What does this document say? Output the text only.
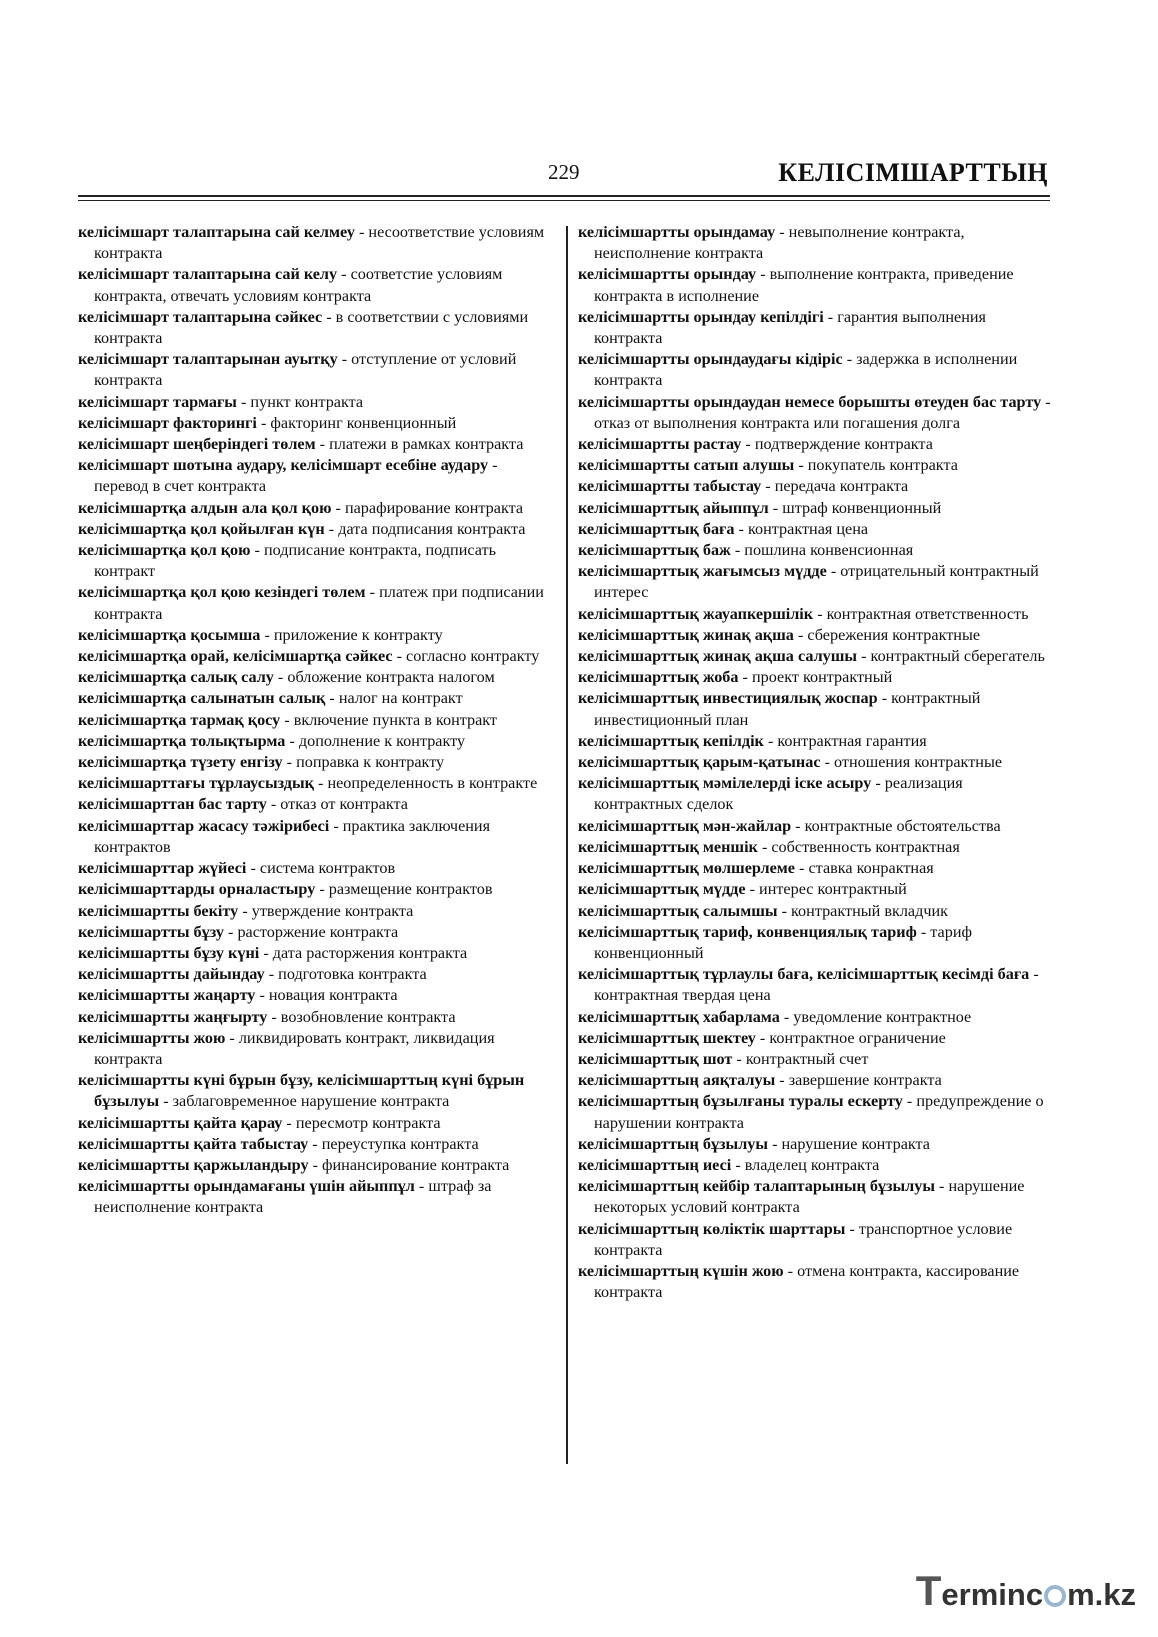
229	КЕЛІСІМШАРТТЫҢ

келісімшарт талаптарына сай келмеу - несоответствие условиям контракта

келісімшарт талаптарына сай келу - соответстие условиям контракта, отвечать условиям контракта

келісімшарт талаптарына сәйкес - в соответствии с условиями контракта

келісімшарт талаптарынан ауытқу - отступление от условий контракта

келісімшарт тармағы - пункт контракта

келісімшарт факторингі - факторинг конвенционный

келісімшарт шеңберіндегі төлем - платежи в рамках контракта

келісімшарт шотына аудару, келісімшарт есебіне аудару - перевод в счет контракта

келісімшартқа алдын ала қол қою - парафирование контракта

келісімшартқа қол қойылған күн - дата подписания контракта

келісімшартқа қол қою - подписание контракта, подписать контракт

келісімшартқа қол қою кезіндегі төлем - платеж при подписании контракта

келісімшартқа қосымша - приложение к контракту

келісімшартқа орай, келісімшартқа сәйкес - согласно контракту

келісімшартқа салық салу - обложение контракта налогом

келісімшартқа салынатын салық - налог на контракт

келісімшартқа тармақ қосу - включение пункта в контракт

келісімшартқа толықтырма - дополнение к контракту

келісімшартқа түзету енгізу - поправка к контракту

келісімшарттағы тұрлаусыздық - неопределенность в контракте

келісімшарттан бас тарту - отказ от контракта

келісімшарттар жасасу тәжірибесі - практика заключения контрактов

келісімшарттар жүйесі - система контрактов

келісімшарттарды орналастыру - размещение контрактов

келісімшартты бекіту - утверждение контракта

келісімшартты бұзу - расторжение контракта

келісімшартты бұзу күні - дата расторжения контракта

келісімшартты дайындау - подготовка контракта

келісімшартты жаңарту - новация контракта

келісімшартты жаңғырту - возобновление контракта

келісімшартты жою - ликвидировать контракт, ликвидация контракта

келісімшартты күні бұрын бұзу, келісімшарттың күні бұрын бұзылуы - заблаговременное нарушение контракта

келісімшартты қайта қарау - пересмотр контракта

келісімшартты қайта табыстау - переуступка контракта

келісімшартты қаржыландыру - финансирование контракта

келісімшартты орындамағаны үшін айыппұл - штраф за неисполнение контракта

келісімшартты орындамау - невыполнение контракта, неисполнение контракта

келісімшартты орындау - выполнение контракта, приведение контракта в исполнение

келісімшартты орындау кепілдігі - гарантия выполнения контракта

келісімшартты орындаудағы кідіріс - задержка в исполнении контракта

келісімшартты орындаудан немесе борышты өтеуден бас тарту - отказ от выполнения контракта или погашения долга

келісімшартты растау - подтверждение контракта

келісімшартты сатып алушы - покупатель контракта

келісімшартты табыстау - передача контракта

келісімшарттық айыппұл - штраф конвенционный

келісімшарттық баға - контрактная цена

келісімшарттық баж - пошлина конвенсионная

келісімшарттық жағымсыз мүдде - отрицательный контрактный интерес

келісімшарттық жауапкершілік - контрактная ответственность

келісімшарттық жинақ ақша - сбережения контрактные

келісімшарттық жинақ ақша салушы - контрактный сберегатель

келісімшарттық жоба - проект контрактный

келісімшарттық инвестициялық жоспар - контрактный инвестиционный план

келісімшарттық кепілдік - контрактная гарантия

келісімшарттық қарым-қатынас - отношения контрактные

келісімшарттық мәмілелерді іске асыру - реализация контрактных сделок

келісімшарттық мән-жайлар - контрактные обстоятельства

келісімшарттық меншік - собственность контрактная

келісімшарттық мөлшерлеме - ставка конрактная

келісімшарттық мүдде - интерес контрактный

келісімшарттық салымшы - контрактный вкладчик

келісімшарттық тариф, конвенциялық тариф - тариф конвенционный

келісімшарттық тұрлаулы баға, келісімшарттық кесімді баға - контрактная твердая цена

келісімшарттық хабарлама - уведомление контрактное

келісімшарттық шектеу - контрактное ограничение

келісімшарттық шот - контрактный счет

келісімшарттың аяқталуы - завершение контракта

келісімшарттың бұзылғаны туралы ескерту - предупреждение о нарушении контракта

келісімшарттың бұзылуы - нарушение контракта

келісімшарттың иесі - владелец контракта

келісімшарттың кейбір талаптарының бұзылуы - нарушение некоторых условий контракта

келісімшарттың көліктік шарттары - транспортное условие контракта

келісімшарттың күшін жою - отмена контракта, кассирование контракта

Terminc m.kz
